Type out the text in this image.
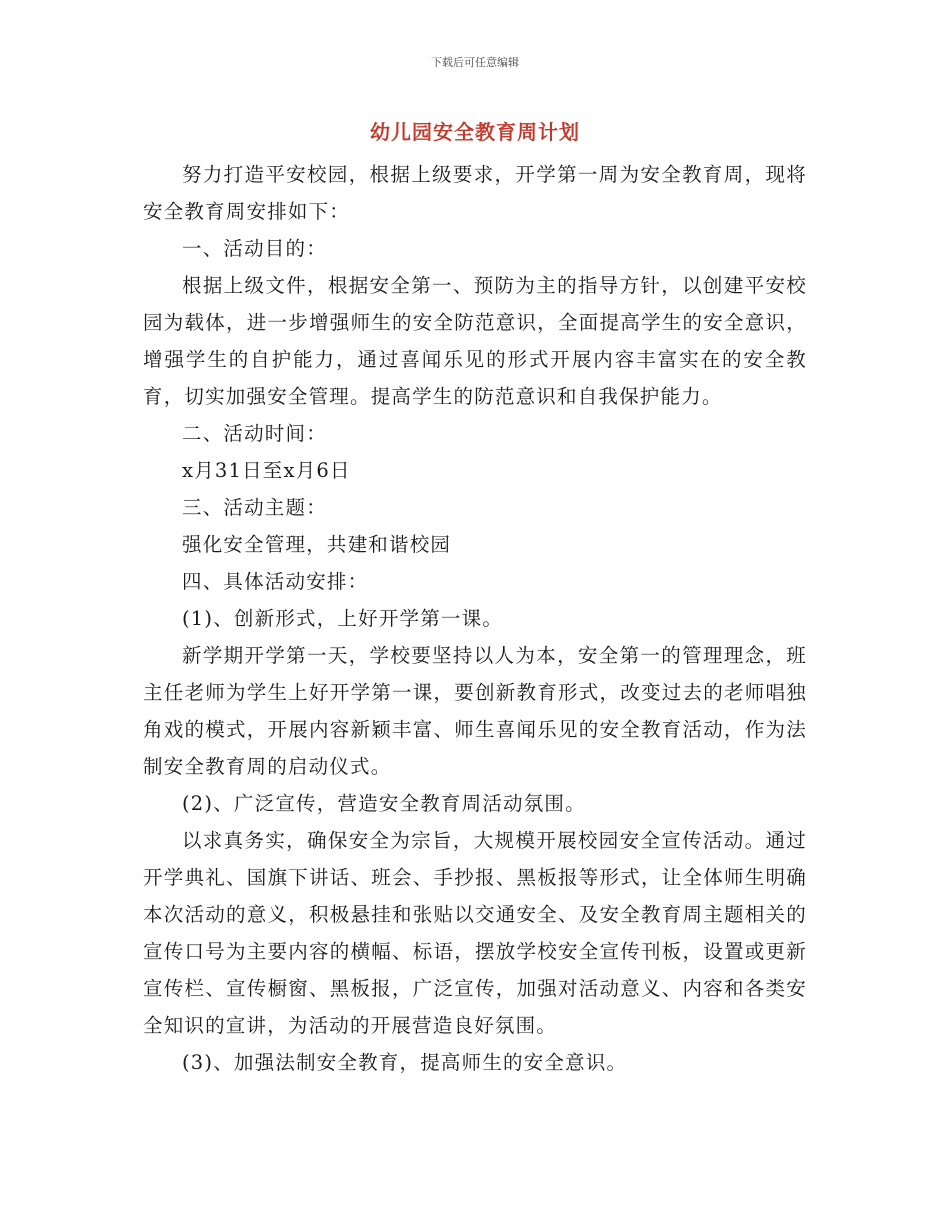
下载后可任意编辑
幼儿园安全教育周计划

努力打造平安校园，根据上级要求，开学第一周为安全教育周，现将安全教育周安排如下：

一、活动目的：

根据上级文件，根据安全第一、预防为主的指导方针，以创建平安校园为载体，进一步增强师生的安全防范意识，全面提高学生的安全意识，增强学生的自护能力，通过喜闻乐见的形式开展内容丰富实在的安全教育，切实加强安全管理。提高学生的防范意识和自我保护能力。

二、活动时间：

x月31日至x月6日

三、活动主题：

强化安全管理，共建和谐校园

四、具体活动安排：

(1)、创新形式，上好开学第一课。

新学期开学第一天，学校要坚持以人为本，安全第一的管理理念，班主任老师为学生上好开学第一课，要创新教育形式，改变过去的老师唱独角戏的模式，开展内容新颖丰富、师生喜闻乐见的安全教育活动，作为法制安全教育周的启动仪式。

(2)、广泛宣传，营造安全教育周活动氛围。

以求真务实，确保安全为宗旨，大规模开展校园安全宣传活动。通过开学典礼、国旗下讲话、班会、手抄报、黑板报等形式，让全体师生明确本次活动的意义，积极悬挂和张贴以交通安全、及安全教育周主题相关的宣传口号为主要内容的横幅、标语，摆放学校安全宣传刊板，设置或更新宣传栏、宣传橱窗、黑板报，广泛宣传，加强对活动意义、内容和各类安全知识的宣讲，为活动的开展营造良好氛围。

(3)、加强法制安全教育，提高师生的安全意识。
